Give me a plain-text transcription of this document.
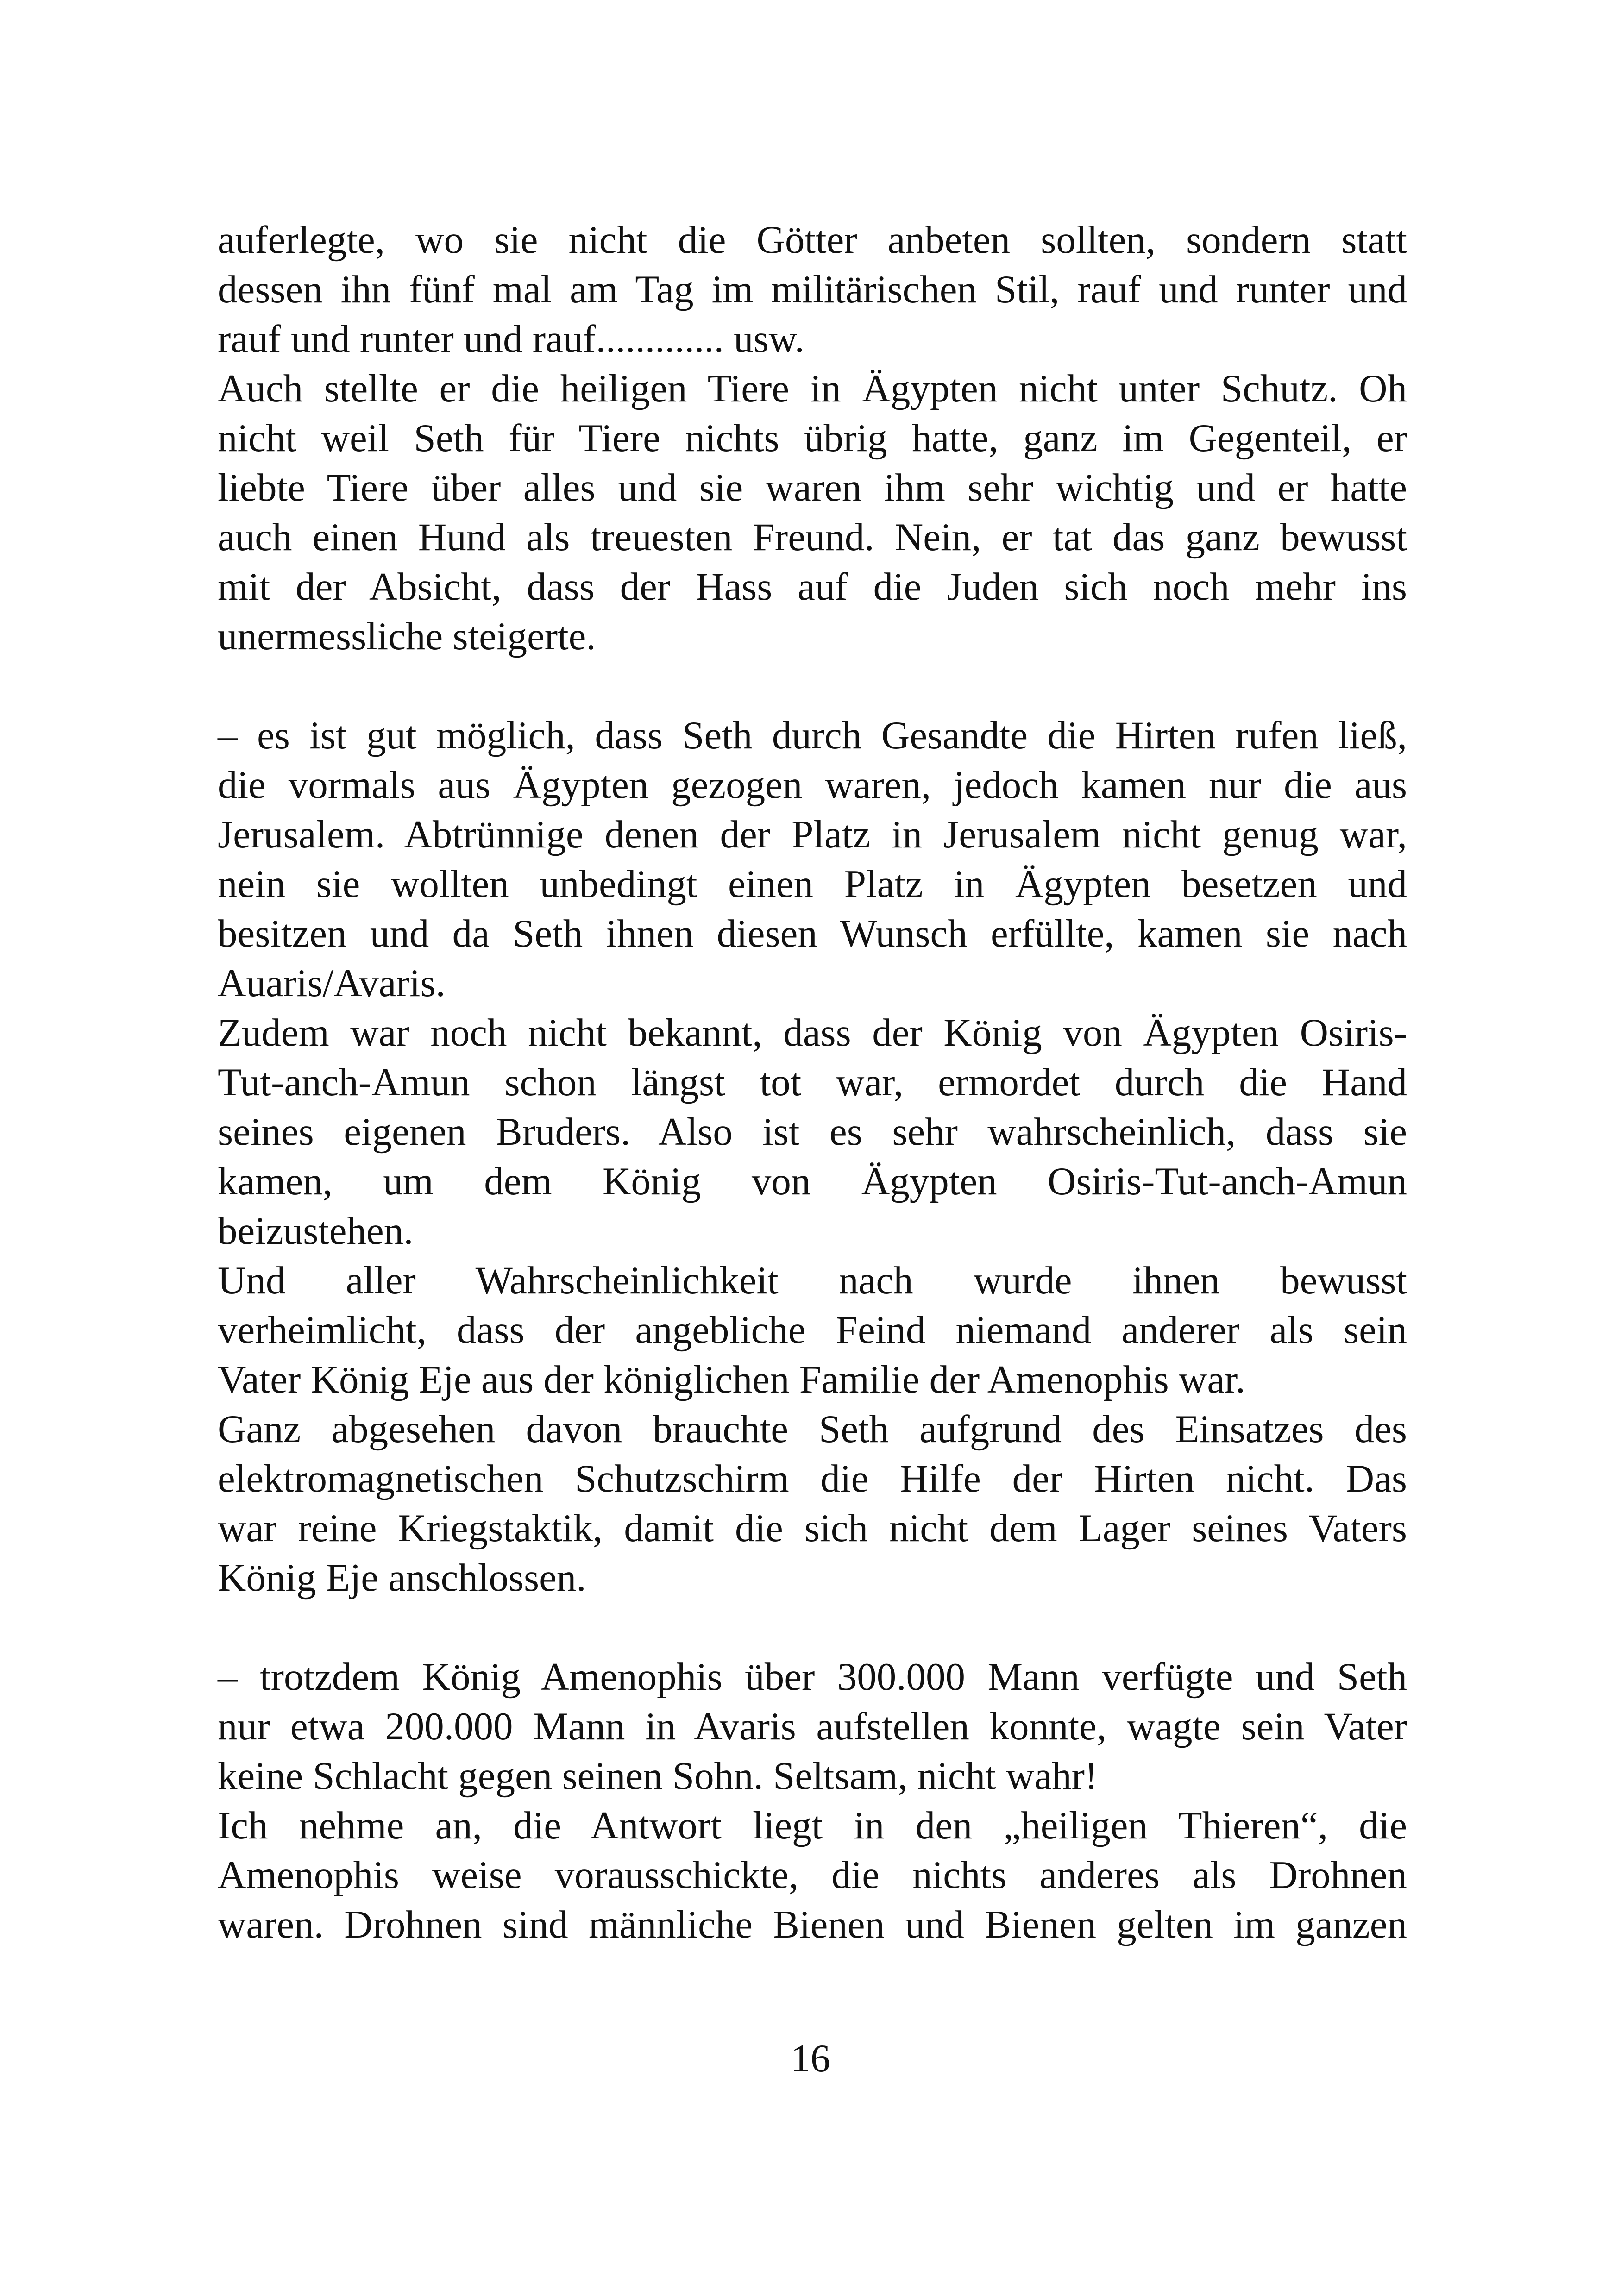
auferlegte, wo sie nicht die Götter anbeten sollten, sondern statt
dessen ihn fünf mal am Tag im militärischen Stil, rauf und runter und
rauf und runter und rauf............. usw.
Auch stellte er die heiligen Tiere in Ägypten nicht unter Schutz. Oh
nicht weil Seth für Tiere nichts übrig hatte, ganz im Gegenteil, er
liebte Tiere über alles und sie waren ihm sehr wichtig und er hatte
auch einen Hund als treuesten Freund. Nein, er tat das ganz bewusst
mit der Absicht, dass der Hass auf die Juden sich noch mehr ins
unermessliche steigerte.
– es ist gut möglich, dass Seth durch Gesandte die Hirten rufen ließ,
die vormals aus Ägypten gezogen waren, jedoch kamen nur die aus
Jerusalem. Abtrünnige denen der Platz in Jerusalem nicht genug war,
nein sie wollten unbedingt einen Platz in Ägypten besetzen und
besitzen und da Seth ihnen diesen Wunsch erfüllte, kamen sie nach
Auaris/Avaris.
Zudem war noch nicht bekannt, dass der König von Ägypten Osiris-
Tut-anch-Amun schon längst tot war, ermordet durch die Hand
seines eigenen Bruders. Also ist es sehr wahrscheinlich, dass sie
kamen, um dem König von Ägypten Osiris-Tut-anch-Amun
beizustehen.
Und aller Wahrscheinlichkeit nach wurde ihnen bewusst
verheimlicht, dass der angebliche Feind niemand anderer als sein
Vater König Eje aus der königlichen Familie der Amenophis war.
Ganz abgesehen davon brauchte Seth aufgrund des Einsatzes des
elektromagnetischen Schutzschirm die Hilfe der Hirten nicht. Das
war reine Kriegstaktik, damit die sich nicht dem Lager seines Vaters
König Eje anschlossen.
– trotzdem König Amenophis über 300.000 Mann verfügte und Seth
nur etwa 200.000 Mann in Avaris aufstellen konnte, wagte sein Vater
keine Schlacht gegen seinen Sohn. Seltsam, nicht wahr!
Ich nehme an, die Antwort liegt in den „heiligen Thieren“, die
Amenophis weise vorausschickte, die nichts anderes als Drohnen
waren. Drohnen sind männliche Bienen und Bienen gelten im ganzen
16
